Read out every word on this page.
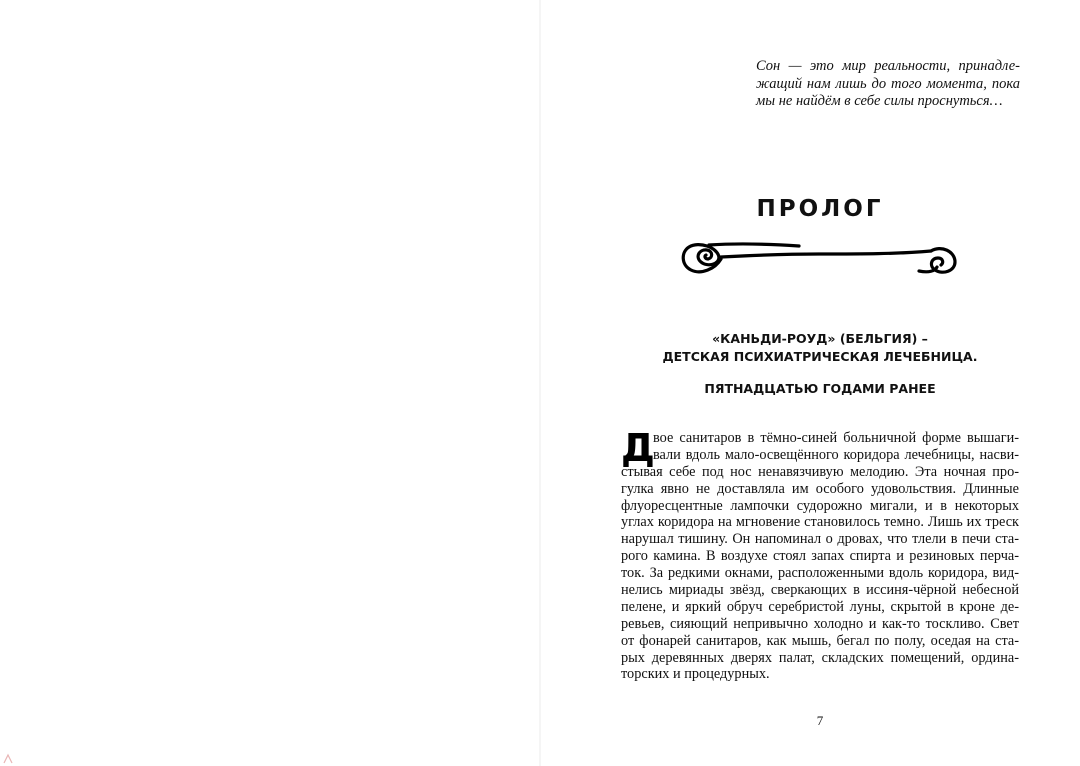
Сон — это мир реальности, принадле-
жащий нам лишь до того момента, пока
мы не найдём в себе силы проснуться…
ПРОЛОГ
«КАНЬДИ-РОУД» (БЕЛЬГИЯ) –
ДЕТСКАЯ ПСИХИАТРИЧЕСКАЯ ЛЕЧЕБНИЦА.
ПЯТНАДЦАТЬЮ ГОДАМИ РАНЕЕ
Д
вое санитаров в тёмно-синей больничной форме вышаги-
вали вдоль мало-освещённого коридора лечебницы, насви-
стывая себе под нос ненавязчивую мелодию. Эта ночная про-
гулка явно не доставляла им особого удовольствия. Длинные
флуоресцентные лампочки судорожно мигали, и в некоторых
углах коридора на мгновение становилось темно. Лишь их треск
нарушал тишину. Он напоминал о дровах, что тлели в печи ста-
рого камина. В воздухе стоял запах спирта и резиновых перча-
ток. За редкими окнами, расположенными вдоль коридора, вид-
нелись мириады звёзд, сверкающих в иссиня-чёрной небесной
пелене, и яркий обруч серебристой луны, скрытой в кроне де-
ревьев, сияющий непривычно холодно и как-то тоскливо. Свет
от фонарей санитаров, как мышь, бегал по полу, оседая на ста-
рых деревянных дверях палат, складских помещений, ордина-
торских и процедурных.
7
